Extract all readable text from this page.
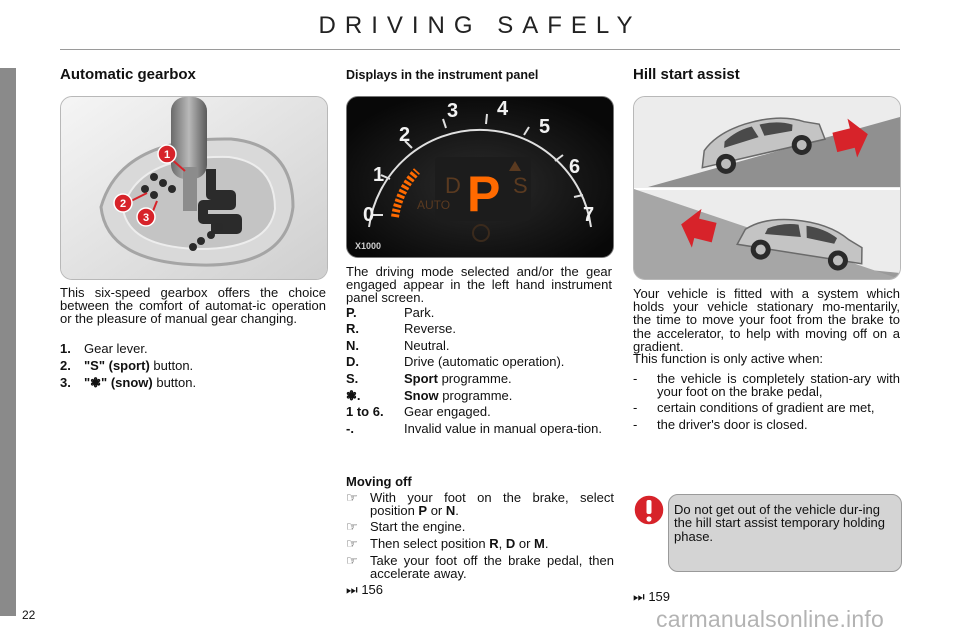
DRIVING SAFELY
Automatic gearbox
1
2
3
This six-speed gearbox offers the choice between the comfort of automat-ic operation or the pleasure of manual gear changing.
1. Gear lever.
2. "S" (sport) button.
3. "❃" (snow) button.
Displays in the instrument panel
0
1
2
3 4
5
6
7
D P S
AUTO
X1000
The driving mode selected and/or the gear engaged appear in the left hand instrument panel screen.
P.	Park.
R.	Reverse.
N.	Neutral.
D.	Drive (automatic operation).
S.	Sport programme.
❃.	Snow programme.
1 to 6. Gear engaged.
-.	Invalid value in manual opera-tion.
Moving off
☞ With your foot on the brake, select position P or N.
☞ Start the engine.
☞ Then select position R, D or M.
☞ Take your foot off the brake pedal, then accelerate away.
⏭ 156
Hill start assist
Your vehicle is fitted with a system which holds your vehicle stationary mo-mentarily, the time to move your foot from the brake to the accelerator, to help with moving off on a gradient.
This function is only active when:
- the vehicle is completely station-ary with your foot on the brake pedal,
- certain conditions of gradient are met,
- the driver's door is closed.
Do not get out of the vehicle dur-ing the hill start assist temporary holding phase.
⏭ 159
22	carmanualsonline.info
